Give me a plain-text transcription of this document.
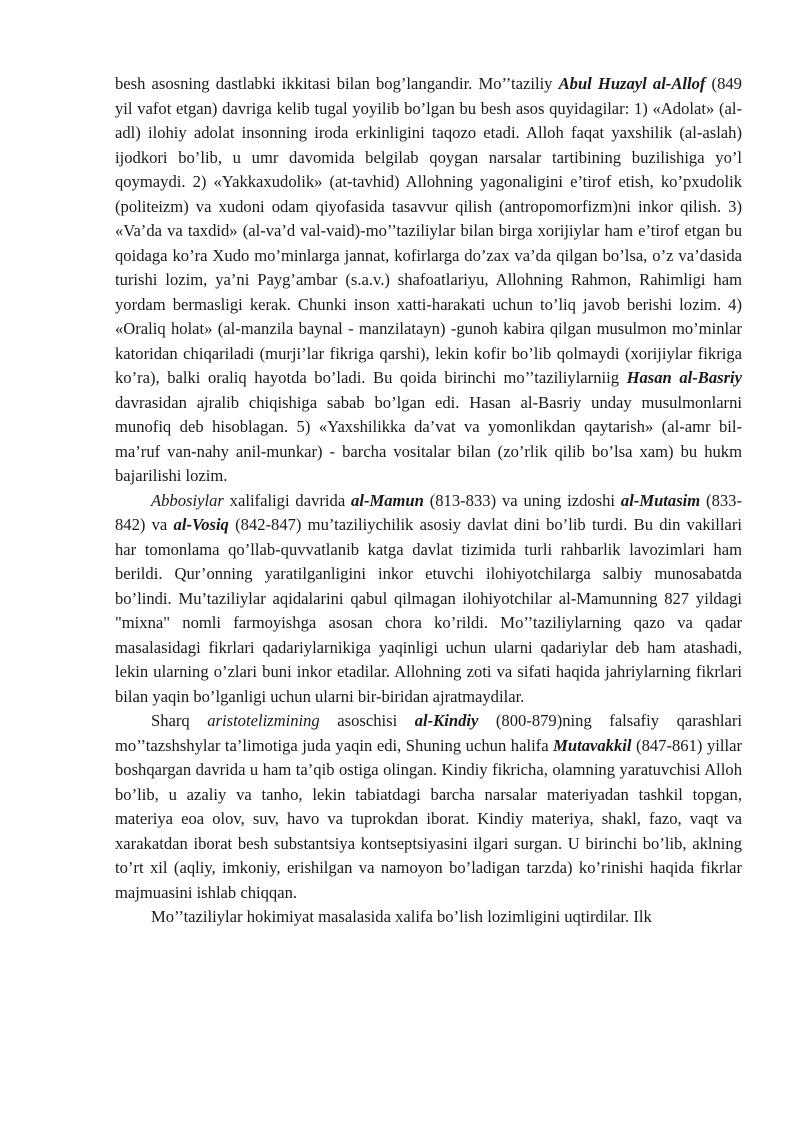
besh asosning dastlabki ikkitasi bilan bog’langandir. Mo’’taziliy Abul Huzayl al-Allof (849 yil vafot etgan) davriga kelib tugal yoyilib bo’lgan bu besh asos quyidagilar: 1) «Adolat» (al-adl) ilohiy adolat insonning iroda erkinligini taqozo etadi. Alloh faqat yaxshilik (al-aslah) ijodkori bo’lib, u umr davomida belgilab qoygan narsalar tartibining buzilishiga yo’l qoymaydi. 2) «Yakkaxudolik» (at-tavhid) Allohning yagonaligini e’tirof etish, ko’pxudolik (politeizm) va xudoni odam qiyofasida tasavvur qilish (antropomorfizm)ni inkor qilish. 3) «Va’da va taxdid» (al-va’d val-vaid)-mo’’taziliylar bilan birga xorijiylar ham e’tirof etgan bu qoidaga ko’ra Xudo mo’minlarga jannat, kofirlarga do’zax va’da qilgan bo’lsa, o’z va’dasida turishi lozim, ya’ni Payg’ambar (s.a.v.) shafoatlariyu, Allohning Rahmon, Rahimligi ham yordam bermasligi kerak. Chunki inson xatti-harakati uchun to’liq javob berishi lozim. 4) «Oraliq holat» (al-manzila baynal - manzilatayn) -gunoh kabira qilgan musulmon mo’minlar katoridan chiqariladi (murji’lar fikriga qarshi), lekin kofir bo’lib qolmaydi (xorijiylar fikriga ko’ra), balki oraliq hayotda bo’ladi. Bu qoida birinchi mo’’taziliylarniig Hasan al-Basriy davrasidan ajralib chiqishiga sabab bo’lgan edi. Hasan al-Basriy unday musulmonlarni munofiq deb hisoblagan. 5) «Yaxshilikka da’vat va yomonlikdan qaytarish» (al-amr bil-ma’ruf van-nahy anil-munkar) - barcha vositalar bilan (zo’rlik qilib bo’lsa xam) bu hukm bajarilishi lozim.

Abbosiylar xalifaligi davrida al-Mamun (813-833) va uning izdoshi al-Mutasim (833-842) va al-Vosiq (842-847) mu’taziliychilik asosiy davlat dini bo’lib turdi. Bu din vakillari har tomonlama qo’llab-quvvatlanib katga davlat tizimida turli rahbarlik lavozimlari ham berildi. Qur’onning yaratilganligini inkor etuvchi ilohiyotchilarga salbiy munosabatda bo’lindi. Mu’taziliylar aqidalarini qabul qilmagan ilohiyotchilar al-Mamunning 827 yildagi "mixna" nomli farmoyishga asosan chora ko’rildi. Mo’’taziliylarning qazo va qadar masalasidagi fikrlari qadariylarnikiga yaqinligi uchun ularni qadariylar deb ham atashadi, lekin ularning o’zlari buni inkor etadilar. Allohning zoti va sifati haqida jahriylarning fikrlari bilan yaqin bo’lganligi uchun ularni bir-biridan ajratmaydilar.

Sharq aristotelizmining asoschisi al-Kindiy (800-879)ning falsafiy qarashlari mo’’tazshshylar ta’limotiga juda yaqin edi, Shuning uchun halifa Mutavakkil (847-861) yillar boshqargan davrida u ham ta’qib ostiga olingan. Kindiy fikricha, olamning yaratuvchisi Alloh bo’lib, u azaliy va tanho, lekin tabiatdagi barcha narsalar materiyadan tashkil topgan, materiya eoa olov, suv, havo va tuprokdan iborat. Kindiy materiya, shakl, fazo, vaqt va xarakatdan iborat besh substantsiya kontseptsiyasini ilgari surgan. U birinchi bo’lib, aklning to’rt xil (aqliy, imkoniy, erishilgan va namoyon bo’ladigan tarzda) ko’rinishi haqida fikrlar majmuasini ishlab chiqqan.

Mo’’taziliylar hokimiyat masalasida xalifa bo’lish lozimligini uqtirdilar. Ilk
